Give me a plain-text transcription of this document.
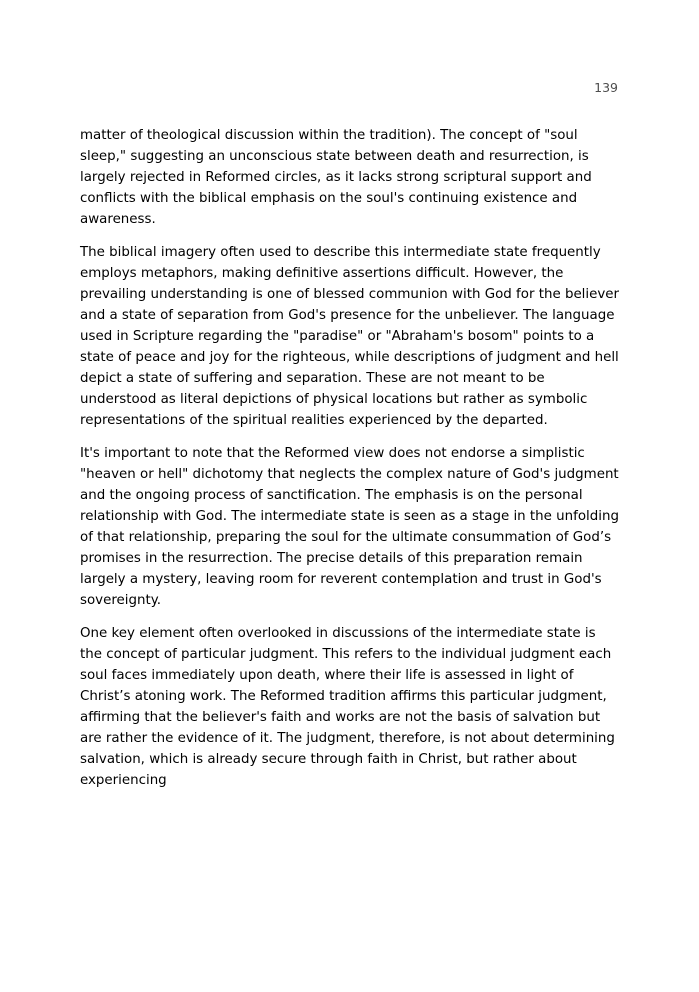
139

matter of theological discussion within the tradition). The concept of "soul sleep," suggesting an unconscious state between death and resurrection, is largely rejected in Reformed circles, as it lacks strong scriptural support and conflicts with the biblical emphasis on the soul's continuing existence and awareness.

The biblical imagery often used to describe this intermediate state frequently employs metaphors, making definitive assertions difficult. However, the prevailing understanding is one of blessed communion with God for the believer and a state of separation from God's presence for the unbeliever. The language used in Scripture regarding the "paradise" or "Abraham's bosom" points to a state of peace and joy for the righteous, while descriptions of judgment and hell depict a state of suffering and separation. These are not meant to be understood as literal depictions of physical locations but rather as symbolic representations of the spiritual realities experienced by the departed.

It's important to note that the Reformed view does not endorse a simplistic "heaven or hell" dichotomy that neglects the complex nature of God's judgment and the ongoing process of sanctification. The emphasis is on the personal relationship with God. The intermediate state is seen as a stage in the unfolding of that relationship, preparing the soul for the ultimate consummation of God’s promises in the resurrection. The precise details of this preparation remain largely a mystery, leaving room for reverent contemplation and trust in God's sovereignty.

One key element often overlooked in discussions of the intermediate state is the concept of particular judgment. This refers to the individual judgment each soul faces immediately upon death, where their life is assessed in light of Christ’s atoning work. The Reformed tradition affirms this particular judgment, affirming that the believer's faith and works are not the basis of salvation but are rather the evidence of it. The judgment, therefore, is not about determining salvation, which is already secure through faith in Christ, but rather about experiencing
